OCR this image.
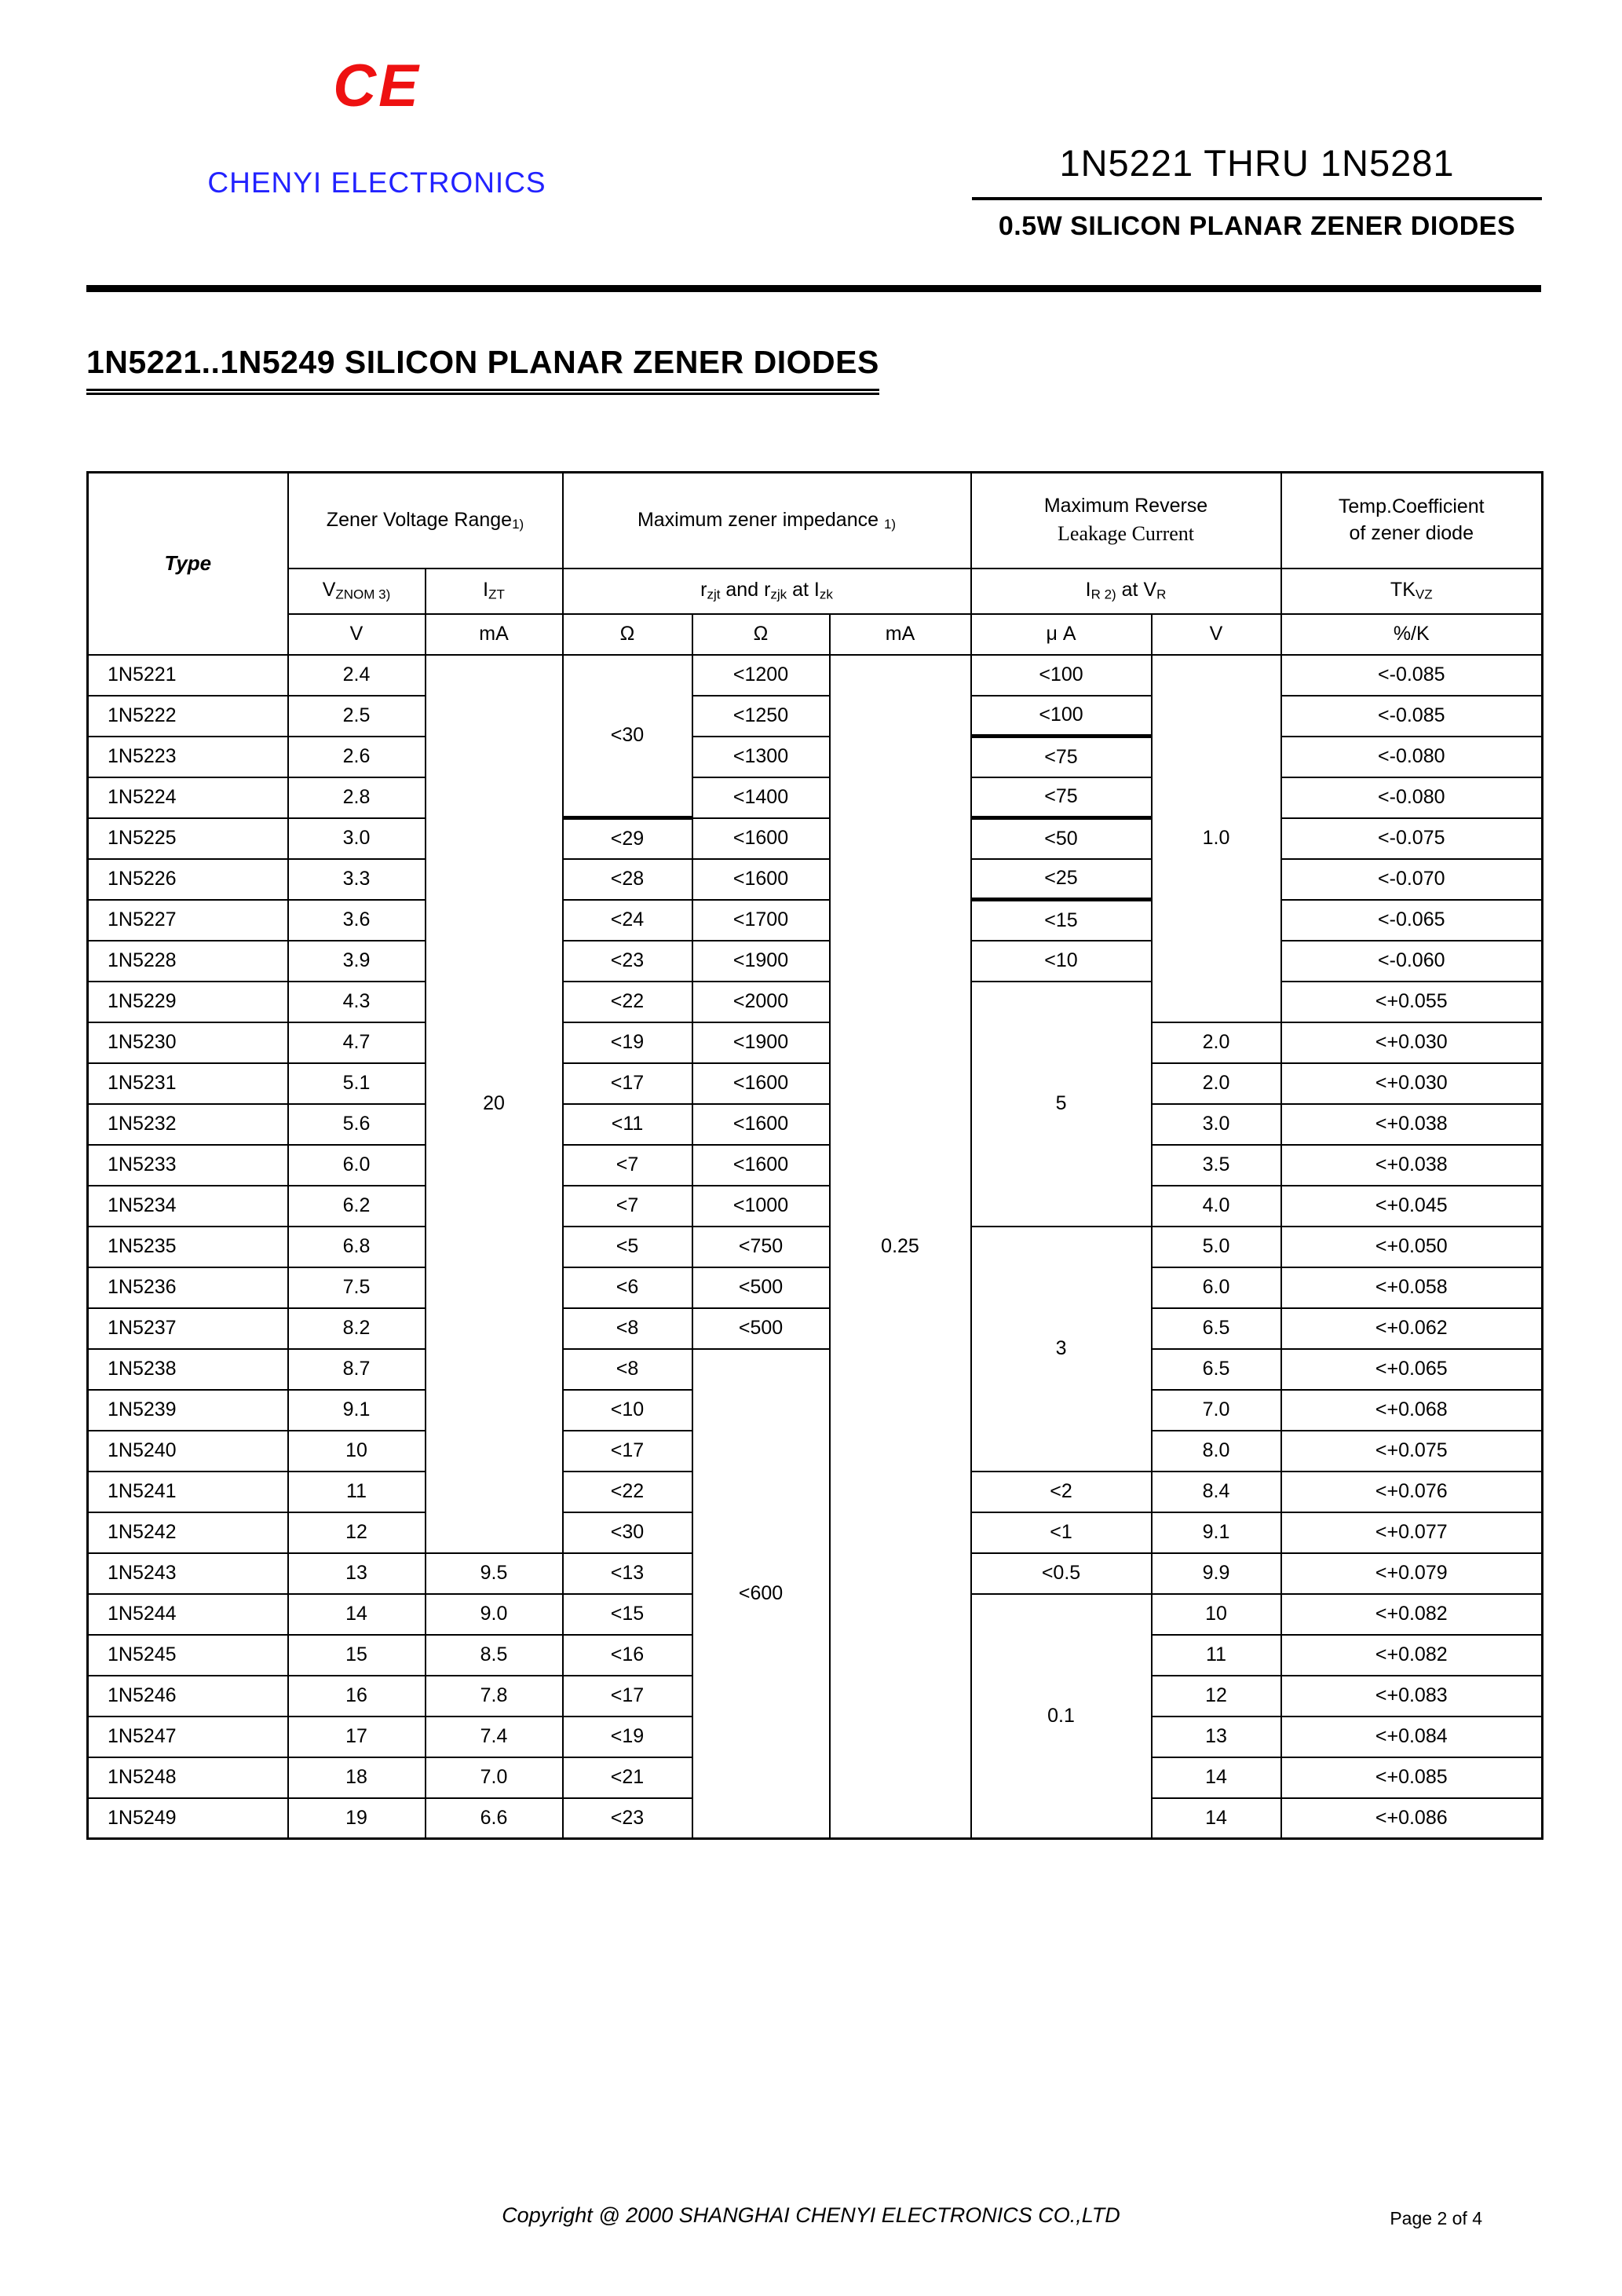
CE
CHENYI ELECTRONICS	1N5221 THRU 1N5281
0.5W SILICON PLANAR ZENER DIODES
1N5221..1N5249 SILICON PLANAR ZENER DIODES
Type	Zener Voltage Range1)		Maximum zener impedance 1)			Maximum Reverse
Leakage Current		Temp.Coefficient
of zener diode
	$V_{ZNOM 3)}$	$I_{ZT}$	$r_{zjt}$ and $r_{zjk}$ at $I_{zk}$			$I_{R 2)}$ at $V_R$		$TK_{VZ}$
	V	mA	Ω	Ω	mA	μ A	V	%/K
1N5221	2.4	20	<30	<1200	0.25	<100	1.0	<-0.085
1N5222	2.5			<1250		<100		<-0.085
1N5223	2.6			<1300		<75		<-0.080
1N5224	2.8			<1400		<75		<-0.080
1N5225	3.0		<29	<1600		<50		<-0.075
1N5226	3.3		<28	<1600		<25		<-0.070
1N5227	3.6		<24	<1700		<15		<-0.065
1N5228	3.9		<23	<1900		<10		<-0.060
1N5229	4.3		<22	<2000		5		<+0.055
1N5230	4.7		<19	<1900			2.0	<+0.030
1N5231	5.1		<17	<1600			2.0	<+0.030
1N5232	5.6		<11	<1600			3.0	<+0.038
1N5233	6.0		<7	<1600			3.5	<+0.038
1N5234	6.2		<7	<1000			4.0	<+0.045
1N5235	6.8		<5	<750		3	5.0	<+0.050
1N5236	7.5		<6	<500			6.0	<+0.058
1N5237	8.2		<8	<500			6.5	<+0.062
1N5238	8.7		<8	<600			6.5	<+0.065
1N5239	9.1		<10				7.0	<+0.068
1N5240	10		<17				8.0	<+0.075
1N5241	11		<22			<2	8.4	<+0.076
1N5242	12		<30			<1	9.1	<+0.077
1N5243	13	9.5	<13			<0.5	9.9	<+0.079
1N5244	14	9.0	<15			0.1	10	<+0.082
1N5245	15	8.5	<16				11	<+0.082
1N5246	16	7.8	<17				12	<+0.083
1N5247	17	7.4	<19				13	<+0.084
1N5248	18	7.0	<21				14	<+0.085
1N5249	19	6.6	<23				14	<+0.086
Copyright @ 2000 SHANGHAI CHENYI ELECTRONICS CO.,LTD	Page 2 of 4
